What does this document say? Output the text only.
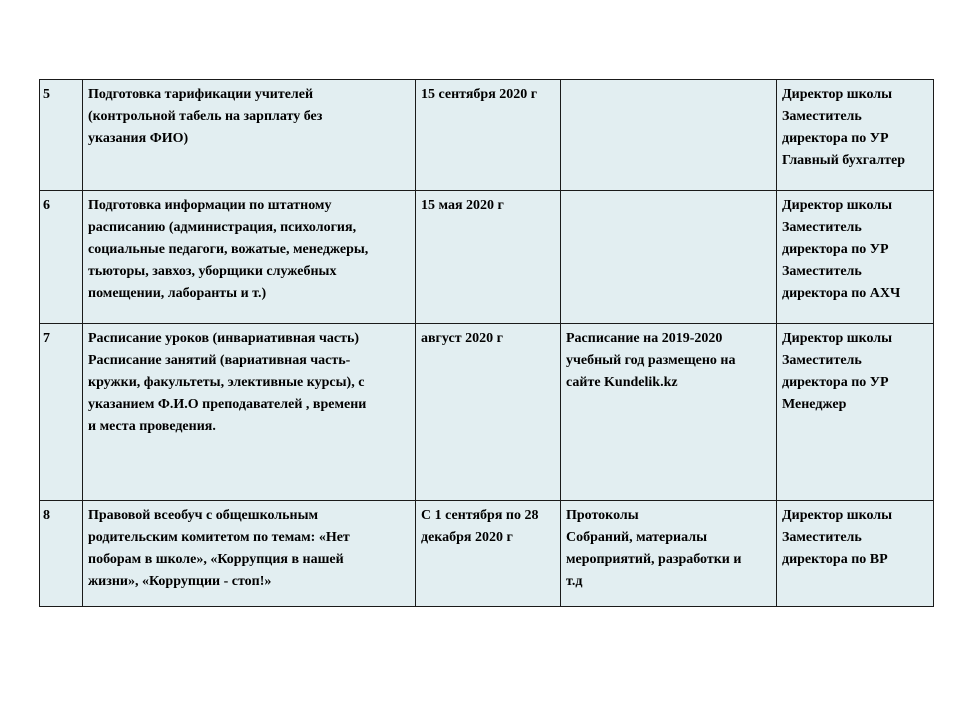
5	Подготовка тарификации учителей
(контрольной табель на зарплату без
указания ФИО)	15 сентября 2020 г		Директор школы
Заместитель
директора по УР
Главный бухгалтер
6	Подготовка информации по штатному
расписанию (администрация, психология,
социальные педагоги, вожатые, менеджеры,
тьюторы, завхоз, уборщики служебных
помещении, лаборанты и т.)	15 мая 2020 г		Директор школы
Заместитель
директора по УР
Заместитель
директора по АХЧ
7	Расписание уроков (инвариативная часть)
Расписание занятий (вариативная часть-
кружки, факультеты, элективные курсы), с
указанием Ф.И.О преподавателей , времени
и места проведения.	август 2020 г	Расписание на 2019-2020
учебный год размещено на
сайте Kundelik.kz	Директор школы
Заместитель
директора по УР
Менеджер
8	Правовой всеобуч с общешкольным
родительским комитетом по темам: «Нет
поборам в школе», «Коррупция в нашей
жизни», «Коррупции - стоп!»	С 1 сентября по 28
декабря 2020 г	Протоколы
Собраний, материалы
мероприятий, разработки и
т.д	Директор школы
Заместитель
директора по ВР
